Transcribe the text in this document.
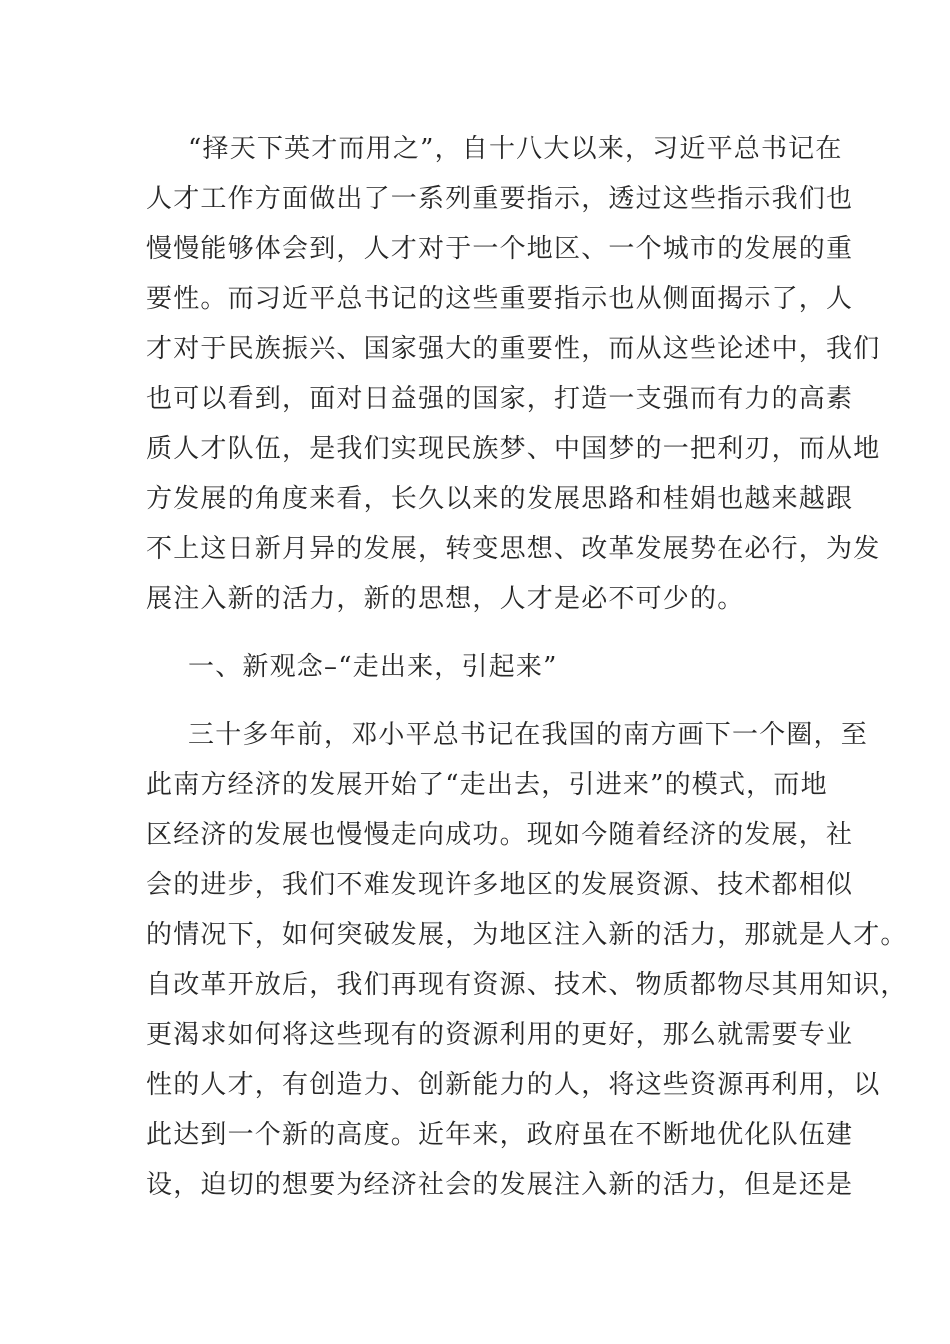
“择天下英才而用之”，自十八大以来，习近平总书记在

人才工作方面做出了一系列重要指示，透过这些指示我们也

慢慢能够体会到，人才对于一个地区、一个城市的发展的重

要性。而习近平总书记的这些重要指示也从侧面揭示了，人

才对于民族振兴、国家强大的重要性，而从这些论述中，我们

也可以看到，面对日益强的国家，打造一支强而有力的高素

质人才队伍，是我们实现民族梦、中国梦的一把利刃，而从地

方发展的角度来看，长久以来的发展思路和桂娟也越来越跟

不上这日新月异的发展，转变思想、改革发展势在必行，为发

展注入新的活力，新的思想，人才是必不可少的。

一、新观念–“走出来，引起来”

三十多年前，邓小平总书记在我国的南方画下一个圈，至

此南方经济的发展开始了“走出去，引进来”的模式，而地

区经济的发展也慢慢走向成功。现如今随着经济的发展，社

会的进步，我们不难发现许多地区的发展资源、技术都相似

的情况下，如何突破发展，为地区注入新的活力，那就是人才。

自改革开放后，我们再现有资源、技术、物质都物尽其用知识，

更渴求如何将这些现有的资源利用的更好，那么就需要专业

性的人才，有创造力、创新能力的人，将这些资源再利用，以

此达到一个新的高度。近年来，政府虽在不断地优化队伍建

设，迫切的想要为经济社会的发展注入新的活力，但是还是
